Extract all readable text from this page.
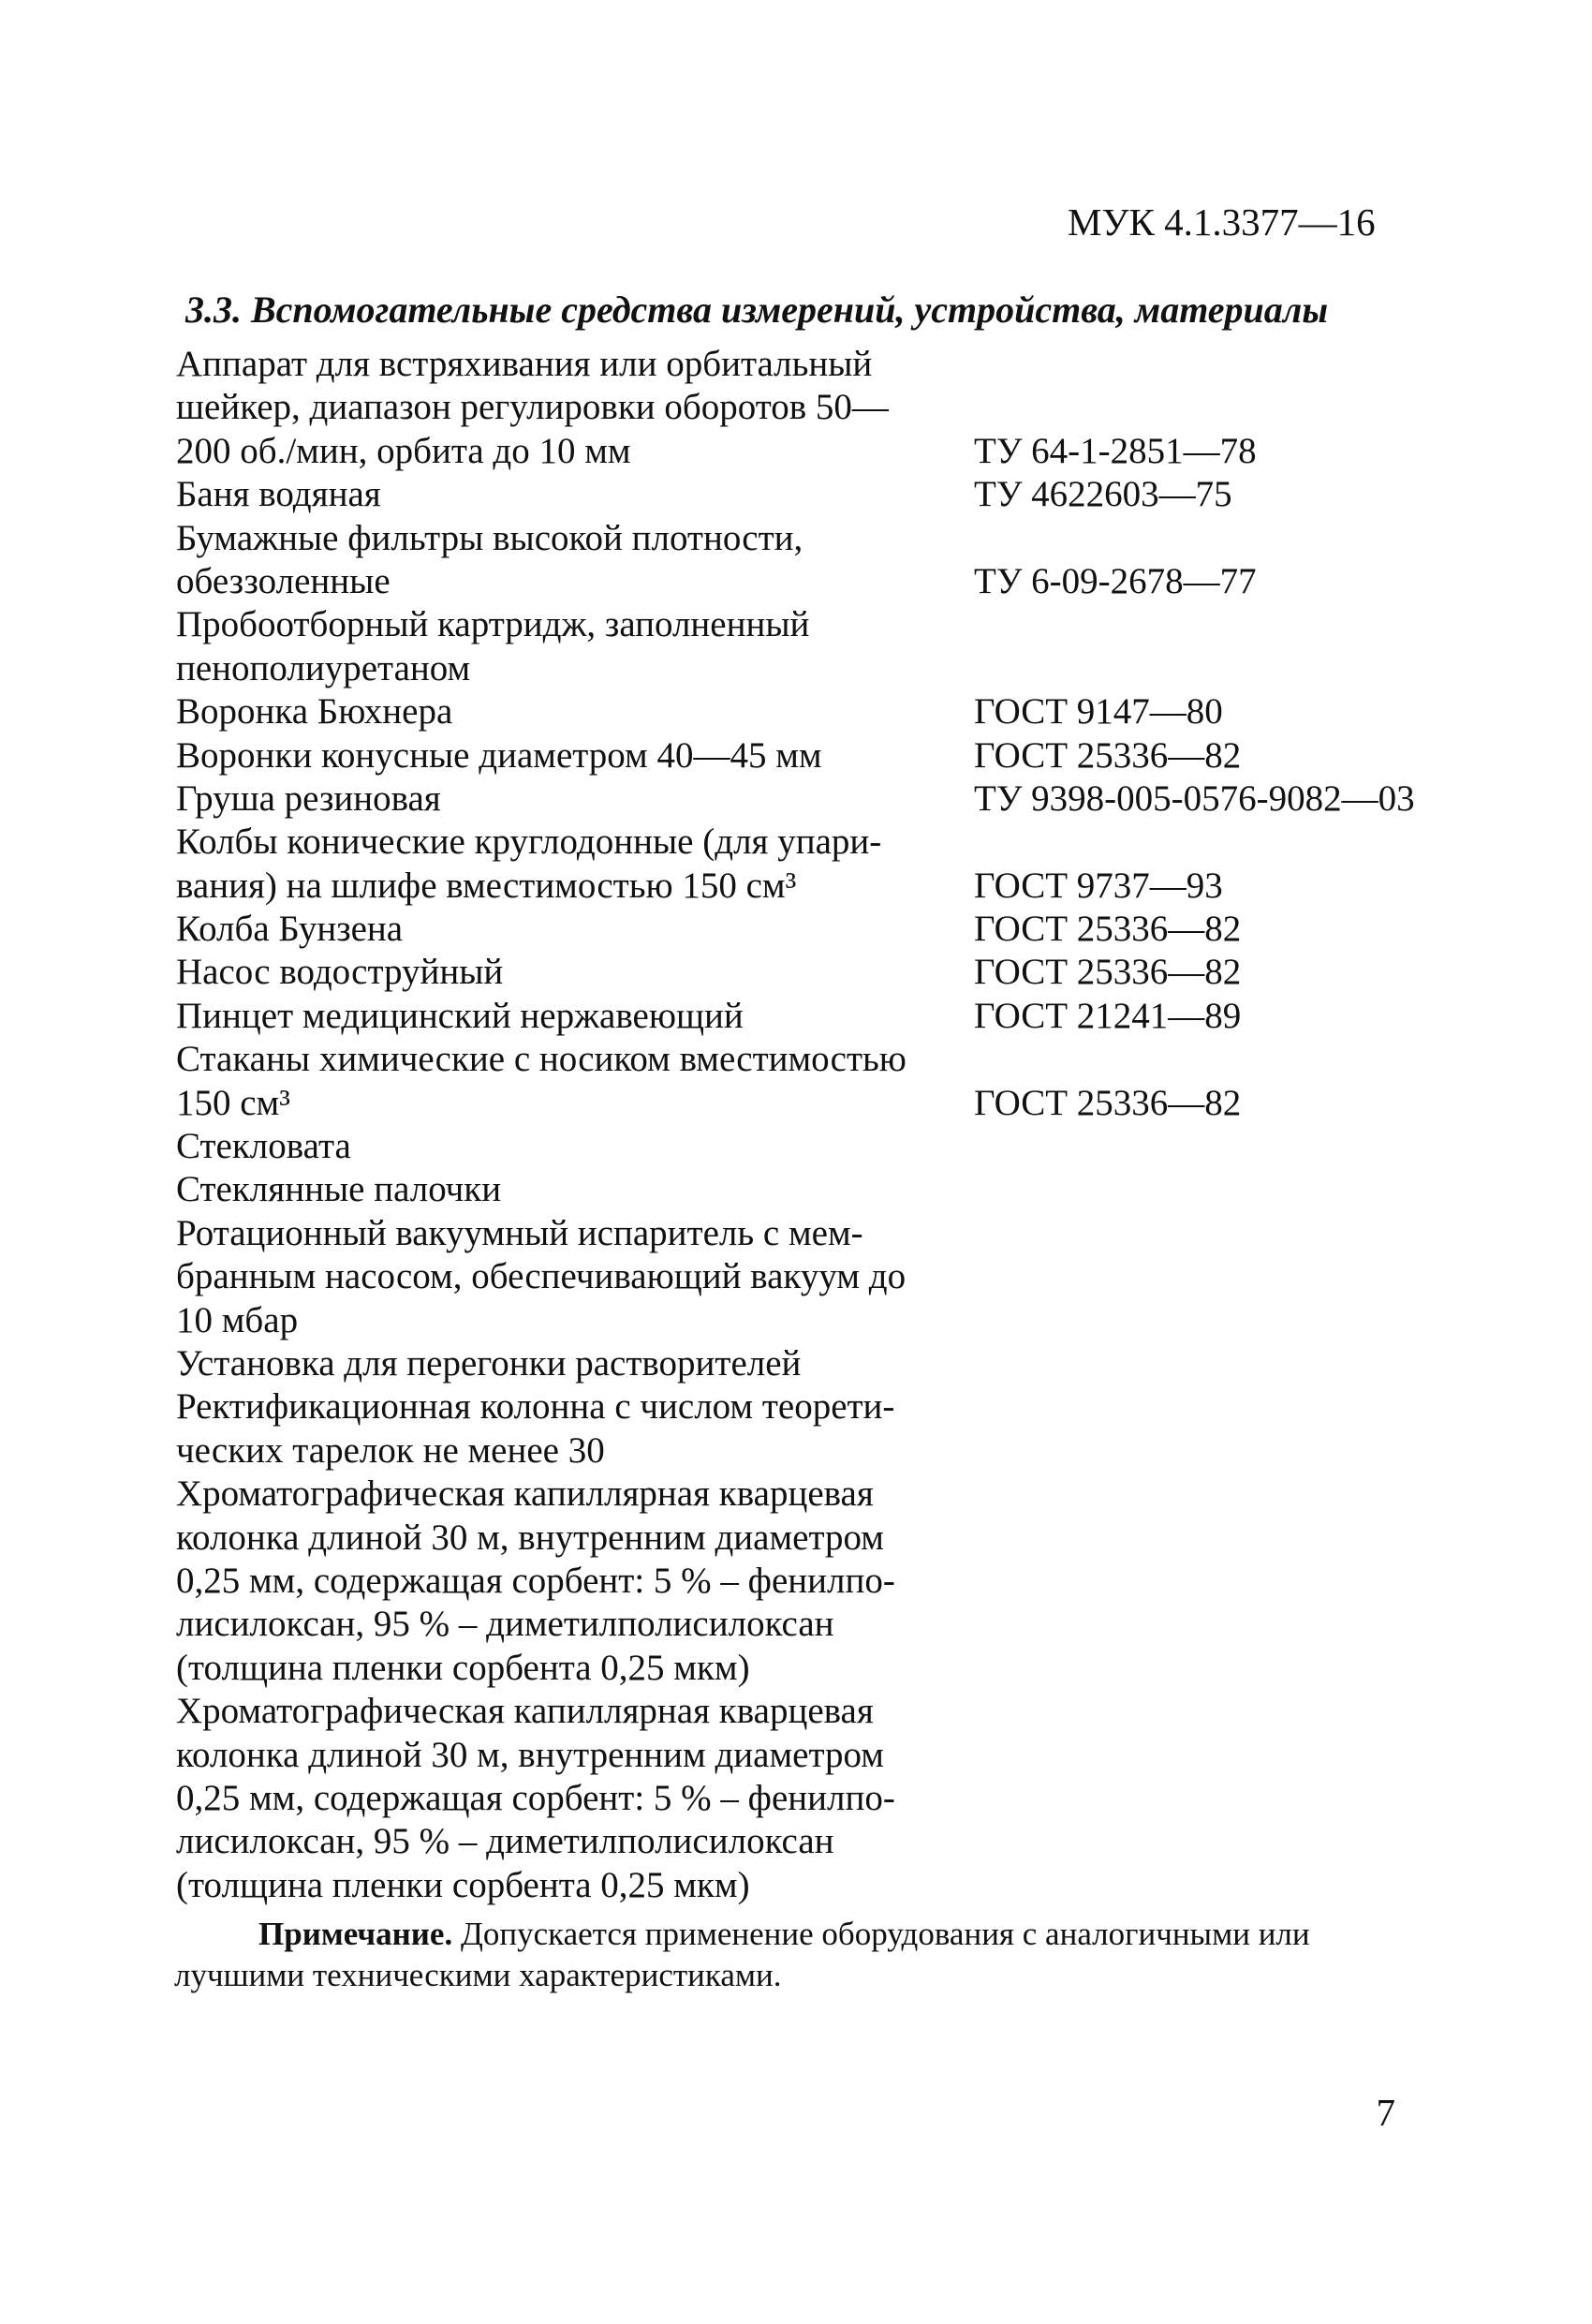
МУК 4.1.3377—16
3.3. Вспомогательные средства измерений, устройства, материалы
Аппарат для встряхивания или орбитальный
шейкер, диапазон регулировки оборотов 50—
200 об./мин, орбита до 10 мм	ТУ 64-1-2851—78
Баня водяная	ТУ 4622603—75
Бумажные фильтры высокой плотности,
обеззоленные	ТУ 6-09-2678—77
Пробоотборный картридж, заполненный
пенополиуретаном
Воронка Бюхнера	ГОСТ 9147—80
Воронки конусные диаметром 40—45 мм	ГОСТ 25336—82
Груша резиновая	ТУ 9398-005-0576-9082—03
Колбы конические круглодонные (для упари-
вания) на шлифе вместимостью 150 см³	ГОСТ 9737—93
Колба Бунзена	ГОСТ 25336—82
Насос водоструйный	ГОСТ 25336—82
Пинцет медицинский нержавеющий	ГОСТ 21241—89
Стаканы химические с носиком вместимостью
150 см³	ГОСТ 25336—82
Стекловата
Стеклянные палочки
Ротационный вакуумный испаритель с мем-
бранным насосом, обеспечивающий вакуум до
10 мбар
Установка для перегонки растворителей
Ректификационная колонна с числом теорети-
ческих тарелок не менее 30
Хроматографическая капиллярная кварцевая
колонка длиной 30 м, внутренним диаметром
0,25 мм, содержащая сорбент: 5 % – фенилпо-
лисилоксан, 95 % – диметилполисилоксан
(толщина пленки сорбента 0,25 мкм)
Хроматографическая капиллярная кварцевая
колонка длиной 30 м, внутренним диаметром
0,25 мм, содержащая сорбент: 5 % – фенилпо-
лисилоксан, 95 % – диметилполисилоксан
(толщина пленки сорбента 0,25 мкм)

Примечание. Допускается применение оборудования с аналогичными или лучшими техническими характеристиками.

7
